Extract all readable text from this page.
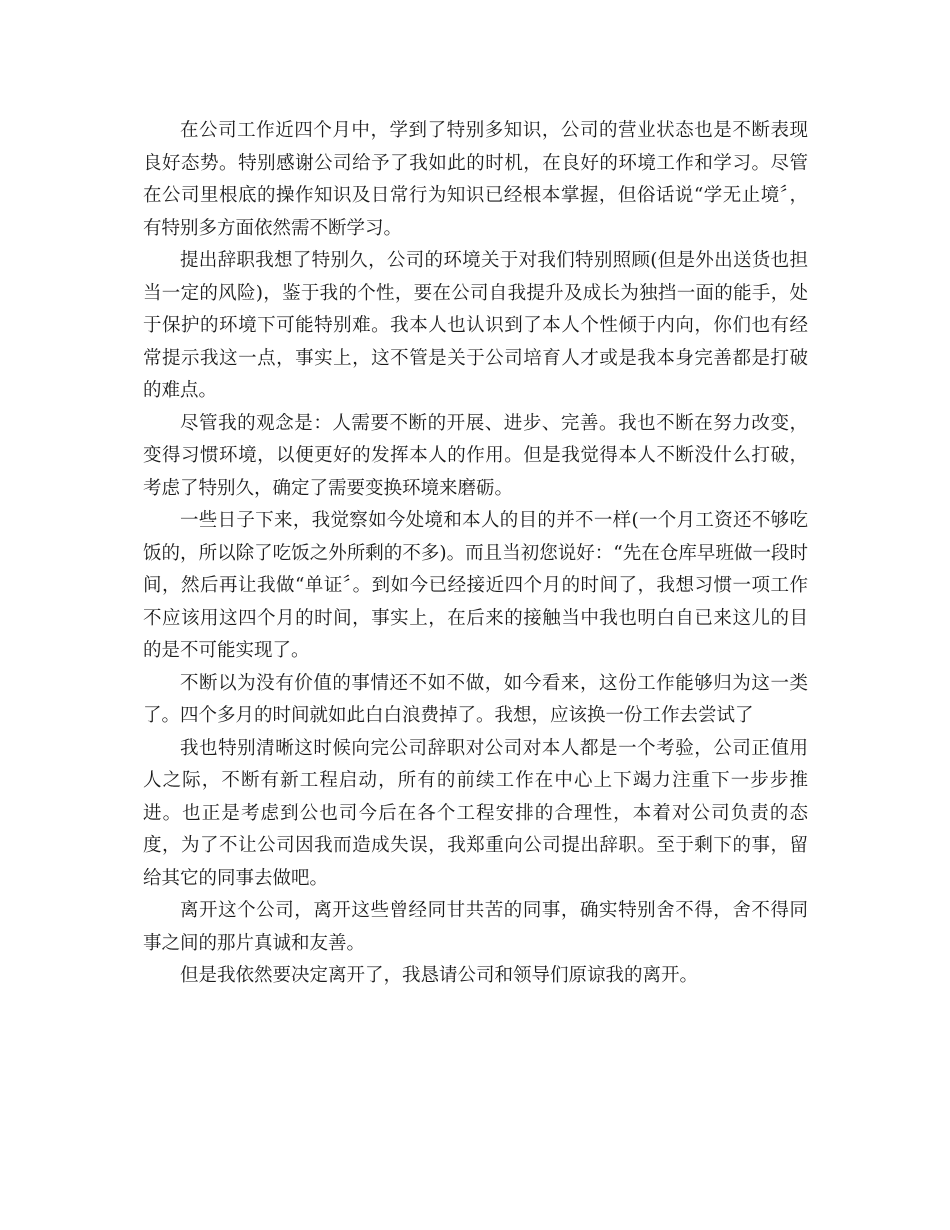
在公司工作近四个月中，学到了特别多知识，公司的营业状态也是不断表现良好态势。特别感谢公司给予了我如此的时机，在良好的环境工作和学习。尽管在公司里根底的操作知识及日常行为知识已经根本掌握，但俗话说“学无止境〞，有特别多方面依然需不断学习。

提出辞职我想了特别久，公司的环境关于对我们特别照顾(但是外出送货也担当一定的风险)，鉴于我的个性，要在公司自我提升及成长为独挡一面的能手，处于保护的环境下可能特别难。我本人也认识到了本人个性倾于内向，你们也有经常提示我这一点，事实上，这不管是关于公司培育人才或是我本身完善都是打破的难点。

尽管我的观念是：人需要不断的开展、进步、完善。我也不断在努力改变，变得习惯环境，以便更好的发挥本人的作用。但是我觉得本人不断没什么打破，考虑了特别久，确定了需要变换环境来磨砺。

一些日子下来，我觉察如今处境和本人的目的并不一样(一个月工资还不够吃饭的，所以除了吃饭之外所剩的不多)。而且当初您说好：“先在仓库早班做一段时间，然后再让我做“单证〞。到如今已经接近四个月的时间了，我想习惯一项工作不应该用这四个月的时间，事实上，在后来的接触当中我也明白自已来这儿的目的是不可能实现了。

不断以为没有价值的事情还不如不做，如今看来，这份工作能够归为这一类了。四个多月的时间就如此白白浪费掉了。我想，应该换一份工作去尝试了

我也特别清晰这时候向完公司辞职对公司对本人都是一个考验，公司正值用人之际，不断有新工程启动，所有的前续工作在中心上下竭力注重下一步步推进。也正是考虑到公也司今后在各个工程安排的合理性，本着对公司负责的态度，为了不让公司因我而造成失误，我郑重向公司提出辞职。至于剩下的事，留给其它的同事去做吧。

离开这个公司，离开这些曾经同甘共苦的同事，确实特别舍不得，舍不得同事之间的那片真诚和友善。

但是我依然要决定离开了，我恳请公司和领导们原谅我的离开。
